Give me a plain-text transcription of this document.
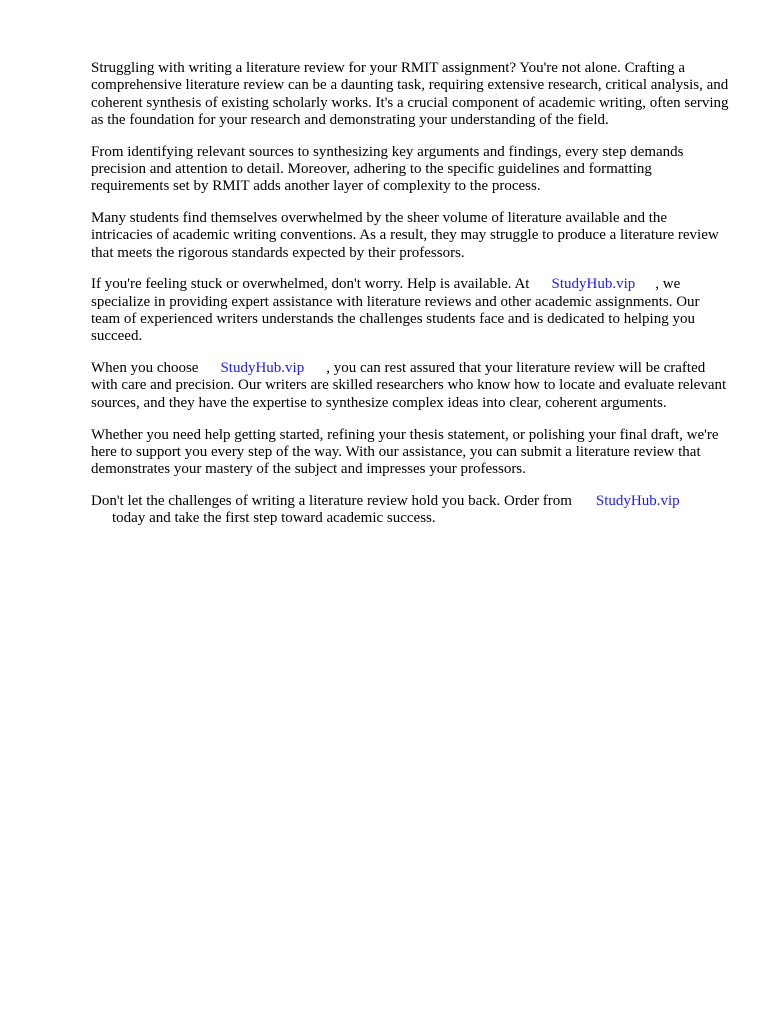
Struggling with writing a literature review for your RMIT assignment? You're not alone. Crafting a comprehensive literature review can be a daunting task, requiring extensive research, critical analysis, and coherent synthesis of existing scholarly works. It's a crucial component of academic writing, often serving as the foundation for your research and demonstrating your understanding of the field.

From identifying relevant sources to synthesizing key arguments and findings, every step demands precision and attention to detail. Moreover, adhering to the specific guidelines and formatting requirements set by RMIT adds another layer of complexity to the process.

Many students find themselves overwhelmed by the sheer volume of literature available and the intricacies of academic writing conventions. As a result, they may struggle to produce a literature review that meets the rigorous standards expected by their professors.

If you're feeling stuck or overwhelmed, don't worry. Help is available. At StudyHub.vip , we specialize in providing expert assistance with literature reviews and other academic assignments. Our team of experienced writers understands the challenges students face and is dedicated to helping you succeed.

When you choose StudyHub.vip , you can rest assured that your literature review will be crafted with care and precision. Our writers are skilled researchers who know how to locate and evaluate relevant sources, and they have the expertise to synthesize complex ideas into clear, coherent arguments.

Whether you need help getting started, refining your thesis statement, or polishing your final draft, we're here to support you every step of the way. With our assistance, you can submit a literature review that demonstrates your mastery of the subject and impresses your professors.

Don't let the challenges of writing a literature review hold you back. Order from StudyHub.vip
today and take the first step toward academic success.
